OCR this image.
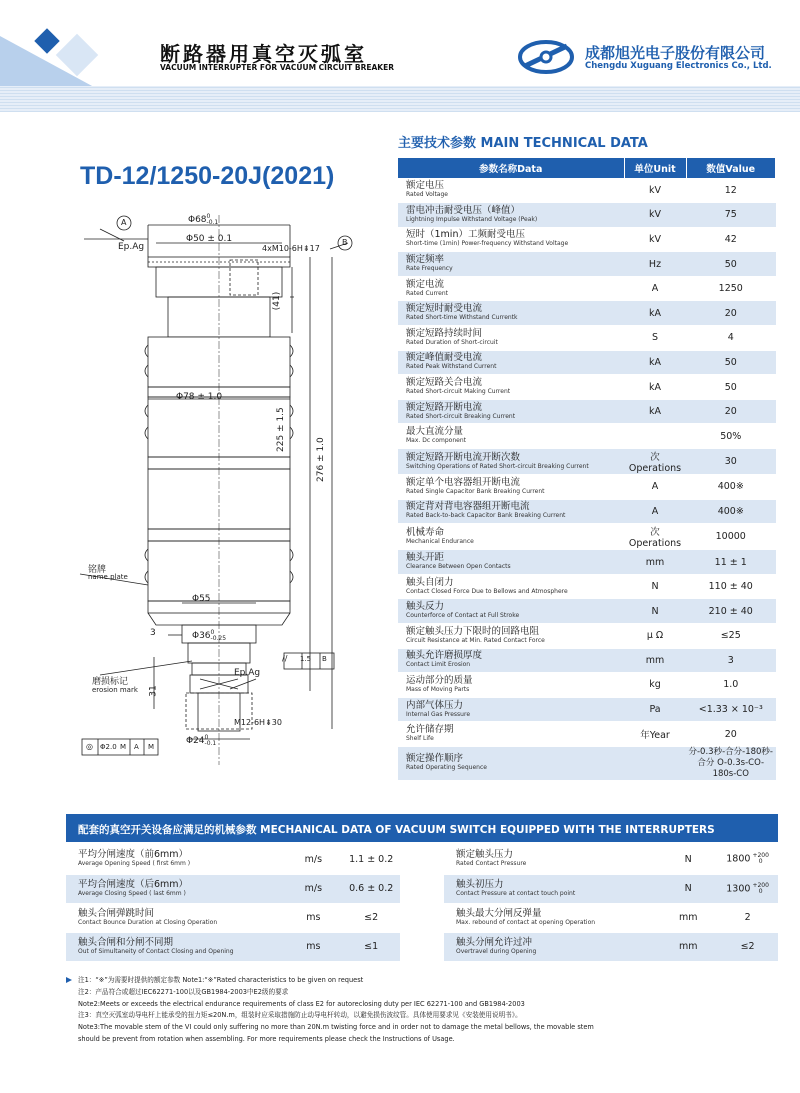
断路器用真空灭弧室
VACUUM INTERRUPTER FOR VACUUM CIRCUIT BREAKER
成都旭光电子股份有限公司
Chengdu Xuguang Electronics Co., Ltd.
TD-12/1250-20J(2021)
Φ68 0
-0.1
Φ50 ± 0.1
4xM10-6H⇟17
Ep.Ag
A
B
(41)
Φ78 ± 1.0
225 ± 1.5
276 ± 1.0
铭牌
name plate
Φ55
3	Φ36 0
-0.25
// 1.5 B
磨损标记
erosion mark 31
Ep.Ag
M12-6H⇟30
Φ24 0
-0.1
◎ Φ2.0 M A M
主要技术参数 MAIN TECHNICAL DATA
参数名称Data	单位Unit	数值Value

额定电压
Rated Voltage	kV	12

雷电冲击耐受电压（峰值）
Lightning Impulse Withstand Voltage (Peak)	kV	75

短时（1min）工频耐受电压
Short-time (1min) Power-frequency Withstand Voltage	kV	42

额定频率
Rate Frequency	Hz	50

额定电流
Rated Current	A	1250

额定短时耐受电流
Rated Short-time Withstand Currentk	kA	20

额定短路持续时间
Rated Duration of Short-circuit	S	4

额定峰值耐受电流
Rated Peak Withstand Current	kA	50

额定短路关合电流
Rated Short-circuit Making Current	kA	50

额定短路开断电流
Rated Short-circuit Breaking Current	kA	20

最大直流分量
Max. Dc component		50%

额定短路开断电流开断次数
Switching Operations of Rated Short-circuit Breaking Current	次 Operations	30

额定单个电容器组开断电流
Rated Single Capacitor Bank Breaking Current	A	400※

额定背对背电容器组开断电流
Rated Back-to-back Capacitor Bank Breaking Current	A	400※

机械寿命
Mechanical Endurance	次 Operations	10000

触头开距
Clearance Between Open Contacts	mm	11 ± 1

触头自闭力
Contact Closed Force Due to Bellows and Atmosphere	N	110 ± 40

触头反力
Counterforce of Contact at Full Stroke	N	210 ± 40

额定触头压力下限时的回路电阻
Circuit Resistance at Min. Rated Contact Force	μ Ω	≤25

触头允许磨损厚度
Contact Limit Erosion	mm	3

运动部分的质量
Mass of Moving Parts	kg	1.0

内部气体压力
Internal Gas Pressure	Pa	<1.33 × 10⁻³

允许储存期
Shelf Life	年Year	20

额定操作顺序
Rated Operating Sequence		分-0.3秒-合分-180秒-合分 O-0.3s-CO-180s-CO
配套的真空开关设备应满足的机械参数 MECHANICAL DATA OF VACUUM SWITCH EQUIPPED WITH THE INTERRUPTERS
平均分闸速度（前6mm）
Average Opening Speed ( first 6mm )	m/s	1.1 ± 0.2

平均合闸速度（后6mm）
Average Closing Speed ( last 6mm )	m/s	0.6 ± 0.2

触头合闸弹跳时间
Contact Bounce Duration at Closing Operation	ms	≤2

触头合闸和分闸不同期
Out of Simultaneity of Contact Closing and Opening	ms	≤1
额定触头压力
Rated Contact Pressure	N	1800 +200
0

触头初压力
Contact Pressure at contact touch point	N	1300 +200
0

触头最大分闸反弹量
Max. rebound of contact at opening Operation	mm	2

触头分闸允许过冲
Overtravel during Opening	mm	≤2
注1：“※”为需要时提供的额定参数 Note1:“※”Rated characteristics to be given on request
注2：产品符合或超过IEC62271-100以及GB1984-2003中E2级的要求
Note2:Meets or exceeds the electrical endurance requirements of class E2 for autoreclosing duty per IEC 62271-100 and GB1984-2003
注3：真空灭弧室动导电杆上能承受的扭力矩≤20N.m，组装时应采取措施防止动导电杆转动，以避免损伤波纹管。具体使用要求见《安装使用说明书》。
Note3:The movable stem of the VI could only suffering no more than 20N.m twisting force and in order not to damage the metal bellows, the movable stem
should be prevent from rotation when assembling. For more requirements please check the Instructions of Usage.
